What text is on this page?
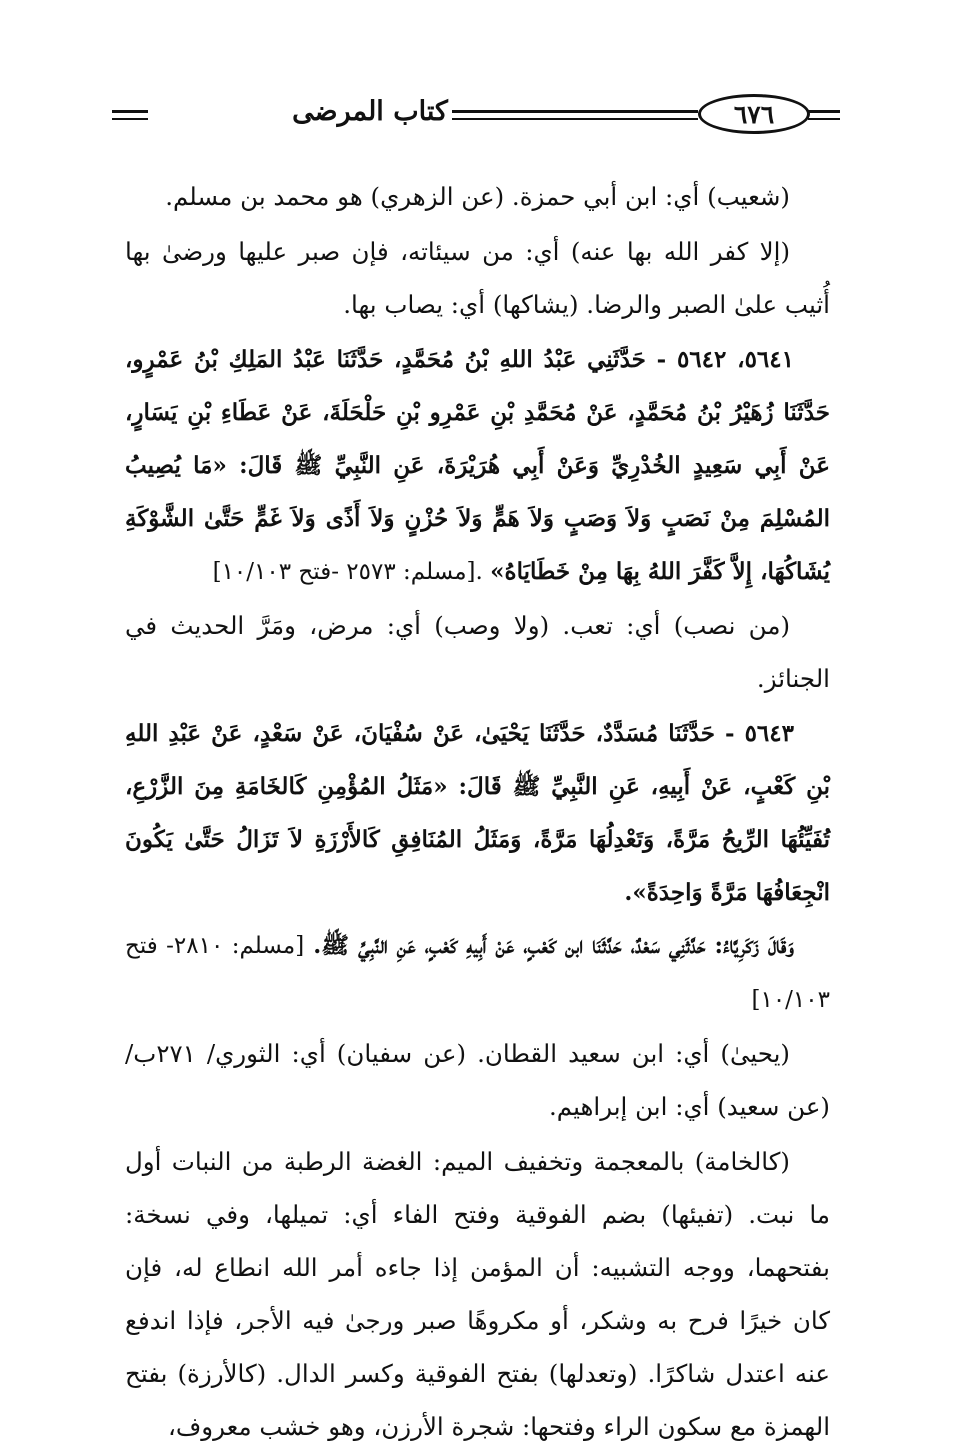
كتاب المرضى	٦٧٦

(شعيب) أي: ابن أبي حمزة. (عن الزهري) هو محمد بن مسلم.

(إلا كفر الله بها عنه) أي: من سيئاته، فإن صبر عليها ورضىٰ بها أُثيب علىٰ الصبر والرضا. (يشاكها) أي: يصاب بها.

٥٦٤١، ٥٦٤٢ - حَدَّثَنِي عَبْدُ اللهِ بْنُ مُحَمَّدٍ، حَدَّثَنَا عَبْدُ المَلِكِ بْنُ عَمْرٍو، حَدَّثَنَا زُهَيْرُ بْنُ مُحَمَّدٍ، عَنْ مُحَمَّدِ بْنِ عَمْرِو بْنِ حَلْحَلَةَ، عَنْ عَطَاءِ بْنِ يَسَارٍ، عَنْ أَبِي سَعِيدٍ الخُدْرِيِّ وَعَنْ أَبِي هُرَيْرَةَ، عَنِ النَّبِيِّ ﷺ قَالَ: «مَا يُصِيبُ المُسْلِمَ مِنْ نَصَبٍ وَلاَ وَصَبٍ وَلاَ هَمٍّ وَلاَ حُزْنٍ وَلاَ أَذًى وَلاَ غَمٍّ حَتَّىٰ الشَّوْكَةِ يُشَاكُهَا، إِلاَّ كَفَّرَ اللهُ بِهَا مِنْ خَطَايَاهُ» .[مسلم: ٢٥٧٣ -فتح ١٠/١٠٣]

(من نصب) أي: تعب. (ولا وصب) أي: مرض، ومَرَّ الحديث في الجنائز.

٥٦٤٣ - حَدَّثَنَا مُسَدَّدٌ، حَدَّثَنَا يَحْيَىٰ، عَنْ سُفْيَانَ، عَنْ سَعْدٍ، عَنْ عَبْدِ اللهِ بْنِ كَعْبٍ، عَنْ أَبِيهِ، عَنِ النَّبِيِّ ﷺ قَالَ: «مَثَلُ المُؤْمِنِ كَالخَامَةِ مِنَ الزَّرْعِ، تُفَيِّئُهَا الرِّيحُ مَرَّةً، وَتَعْدِلُهَا مَرَّةً، وَمَثَلُ المُنَافِقِ كَالأَرْزَةِ لاَ تَزَالُ حَتَّىٰ يَكُونَ انْجِعَافُهَا مَرَّةً وَاحِدَةً».

وَقَالَ زَكَرِيَّاءُ: حَدَّثَنِي سَعْدٌ، حَدَّثَنَا ابن كَعْبٍ، عَنْ أَبِيهِ كَعْبٍ، عَنِ النَّبِيِّ ﷺ. [مسلم: ٢٨١٠- فتح ١٠/١٠٣]

(يحيىٰ) أي: ابن سعيد القطان. (عن سفيان) أي: الثوري/ ٢٧١ب/ (عن سعيد) أي: ابن إبراهيم.

(كالخامة) بالمعجمة وتخفيف الميم: الغضة الرطبة من النبات أول ما نبت. (تفيئها) بضم الفوقية وفتح الفاء أي: تميلها، وفي نسخة: بفتحهما، ووجه التشبيه: أن المؤمن إذا جاءه أمر الله انطاع له، فإن كان خيرًا فرح به وشكر، أو مكروهًا صبر ورجىٰ فيه الأجر، فإذا اندفع عنه اعتدل شاكرًا. (وتعدلها) بفتح الفوقية وكسر الدال. (كالأرزة) بفتح الهمزة مع سكون الراء وفتحها: شجرة الأرزن، وهو خشب معروف،
